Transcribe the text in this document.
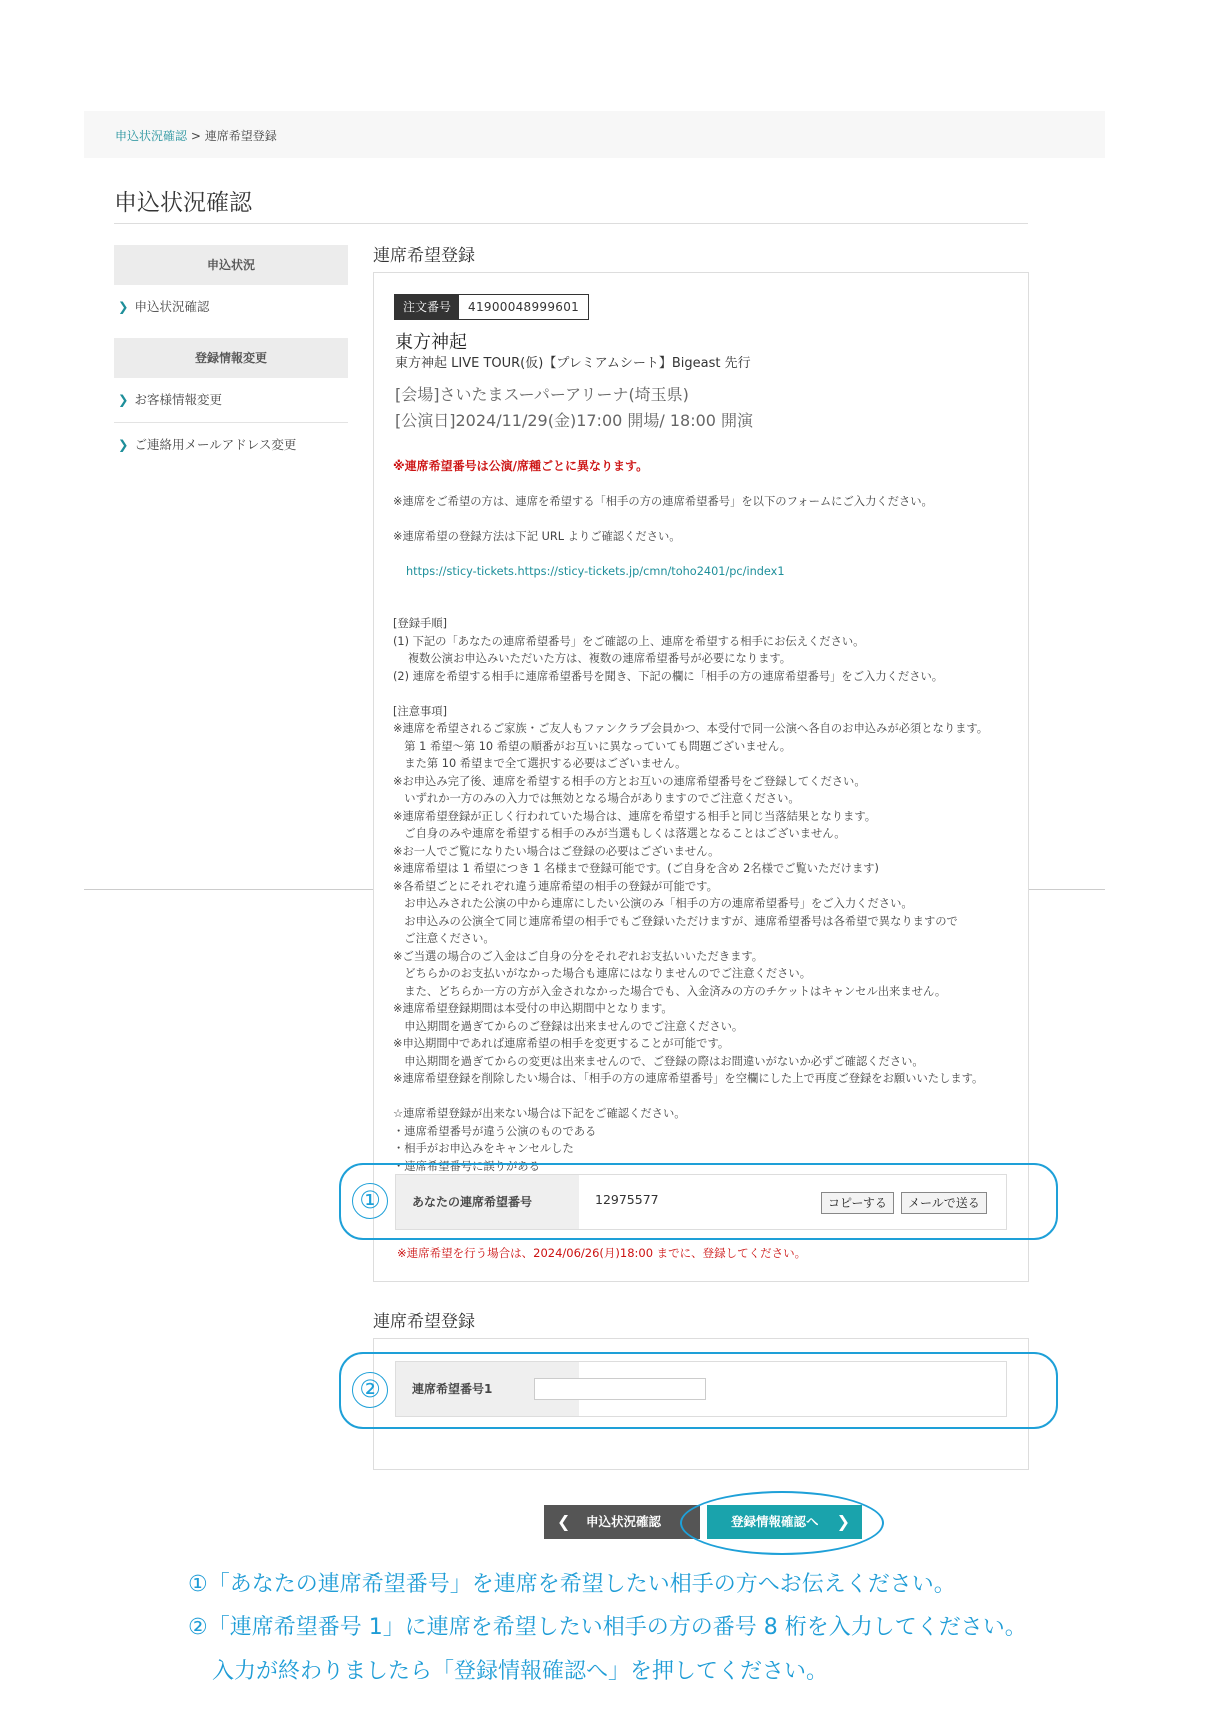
申込状況確認 > 連席希望登録
申込状況確認
申込状況
❯ 申込状況確認
登録情報変更
❯ お客様情報変更
❯ ご連絡用メールアドレス変更
連席希望登録
注文番号	41900048999601
東方神起
東方神起 LIVE TOUR(仮)【プレミアムシート】Bigeast 先行
[会場]さいたまスーパーアリーナ(埼玉県)
[公演日]2024/11/29(金)17:00 開場/ 18:00 開演

※連席希望番号は公演/席種ごとに異なります。

※連席をご希望の方は、連席を希望する「相手の方の連席希望番号」を以下のフォームにご入力ください。

※連席希望の登録方法は下記 URL よりご確認ください。

https://sticy-tickets.https://sticy-tickets.jp/cmn/toho2401/pc/index1

[登録手順]
(1) 下記の「あなたの連席希望番号」をご確認の上、連席を希望する相手にお伝えください。
　 複数公演お申込みいただいた方は、複数の連席希望番号が必要になります。
(2) 連席を希望する相手に連席希望番号を聞き、下記の欄に「相手の方の連席希望番号」をご入力ください。
[注意事項]
※連席を希望されるご家族・ご友人もファンクラブ会員かつ、本受付で同一公演へ各自のお申込みが必須となります。
　第 1 希望～第 10 希望の順番がお互いに異なっていても問題ございません。
　また第 10 希望まで全て選択する必要はございません。
※お申込み完了後、連席を希望する相手の方とお互いの連席希望番号をご登録してください。
　いずれか一方のみの入力では無効となる場合がありますのでご注意ください。
※連席希望登録が正しく行われていた場合は、連席を希望する相手と同じ当落結果となります。
　ご自身のみや連席を希望する相手のみが当選もしくは落選となることはございません。
※お一人でご覧になりたい場合はご登録の必要はございません。
※連席希望は 1 希望につき 1 名様まで登録可能です。(ご自身を含め 2名様でご覧いただけます)
※各希望ごとにそれぞれ違う連席希望の相手の登録が可能です。
　お申込みされた公演の中から連席にしたい公演のみ「相手の方の連席希望番号」をご入力ください。
　お申込みの公演全て同じ連席希望の相手でもご登録いただけますが、連席希望番号は各希望で異なりますので
　ご注意ください。
※ご当選の場合のご入金はご自身の分をそれぞれお支払いいただきます。
　どちらかのお支払いがなかった場合も連席にはなりませんのでご注意ください。
　また、どちらか一方の方が入金されなかった場合でも、入金済みの方のチケットはキャンセル出来ません。
※連席希望登録期間は本受付の申込期間中となります。
　申込期間を過ぎてからのご登録は出来ませんのでご注意ください。
※申込期間中であれば連席希望の相手を変更することが可能です。
　申込期間を過ぎてからの変更は出来ませんので、ご登録の際はお間違いがないか必ずご確認ください。
※連席希望登録を削除したい場合は、「相手の方の連席希望番号」を空欄にした上で再度ご登録をお願いいたします。
☆連席希望登録が出来ない場合は下記をご確認ください。
・連席希望番号が違う公演のものである
・相手がお申込みをキャンセルした
・連席希望番号に誤りがある

あなたの連席希望番号	12975577	コピーする	メールで送る
※連席希望を行う場合は、2024/06/26(月)18:00 までに、登録してください。
連席希望登録
連席希望番号1
①
②
❮ 申込状況確認	登録情報確認へ ❯
①「あなたの連席希望番号」を連席を希望したい相手の方へお伝えください。
②「連席希望番号 1」に連席を希望したい相手の方の番号 8 桁を入力してください。
入力が終わりましたら「登録情報確認へ」を押してください。
